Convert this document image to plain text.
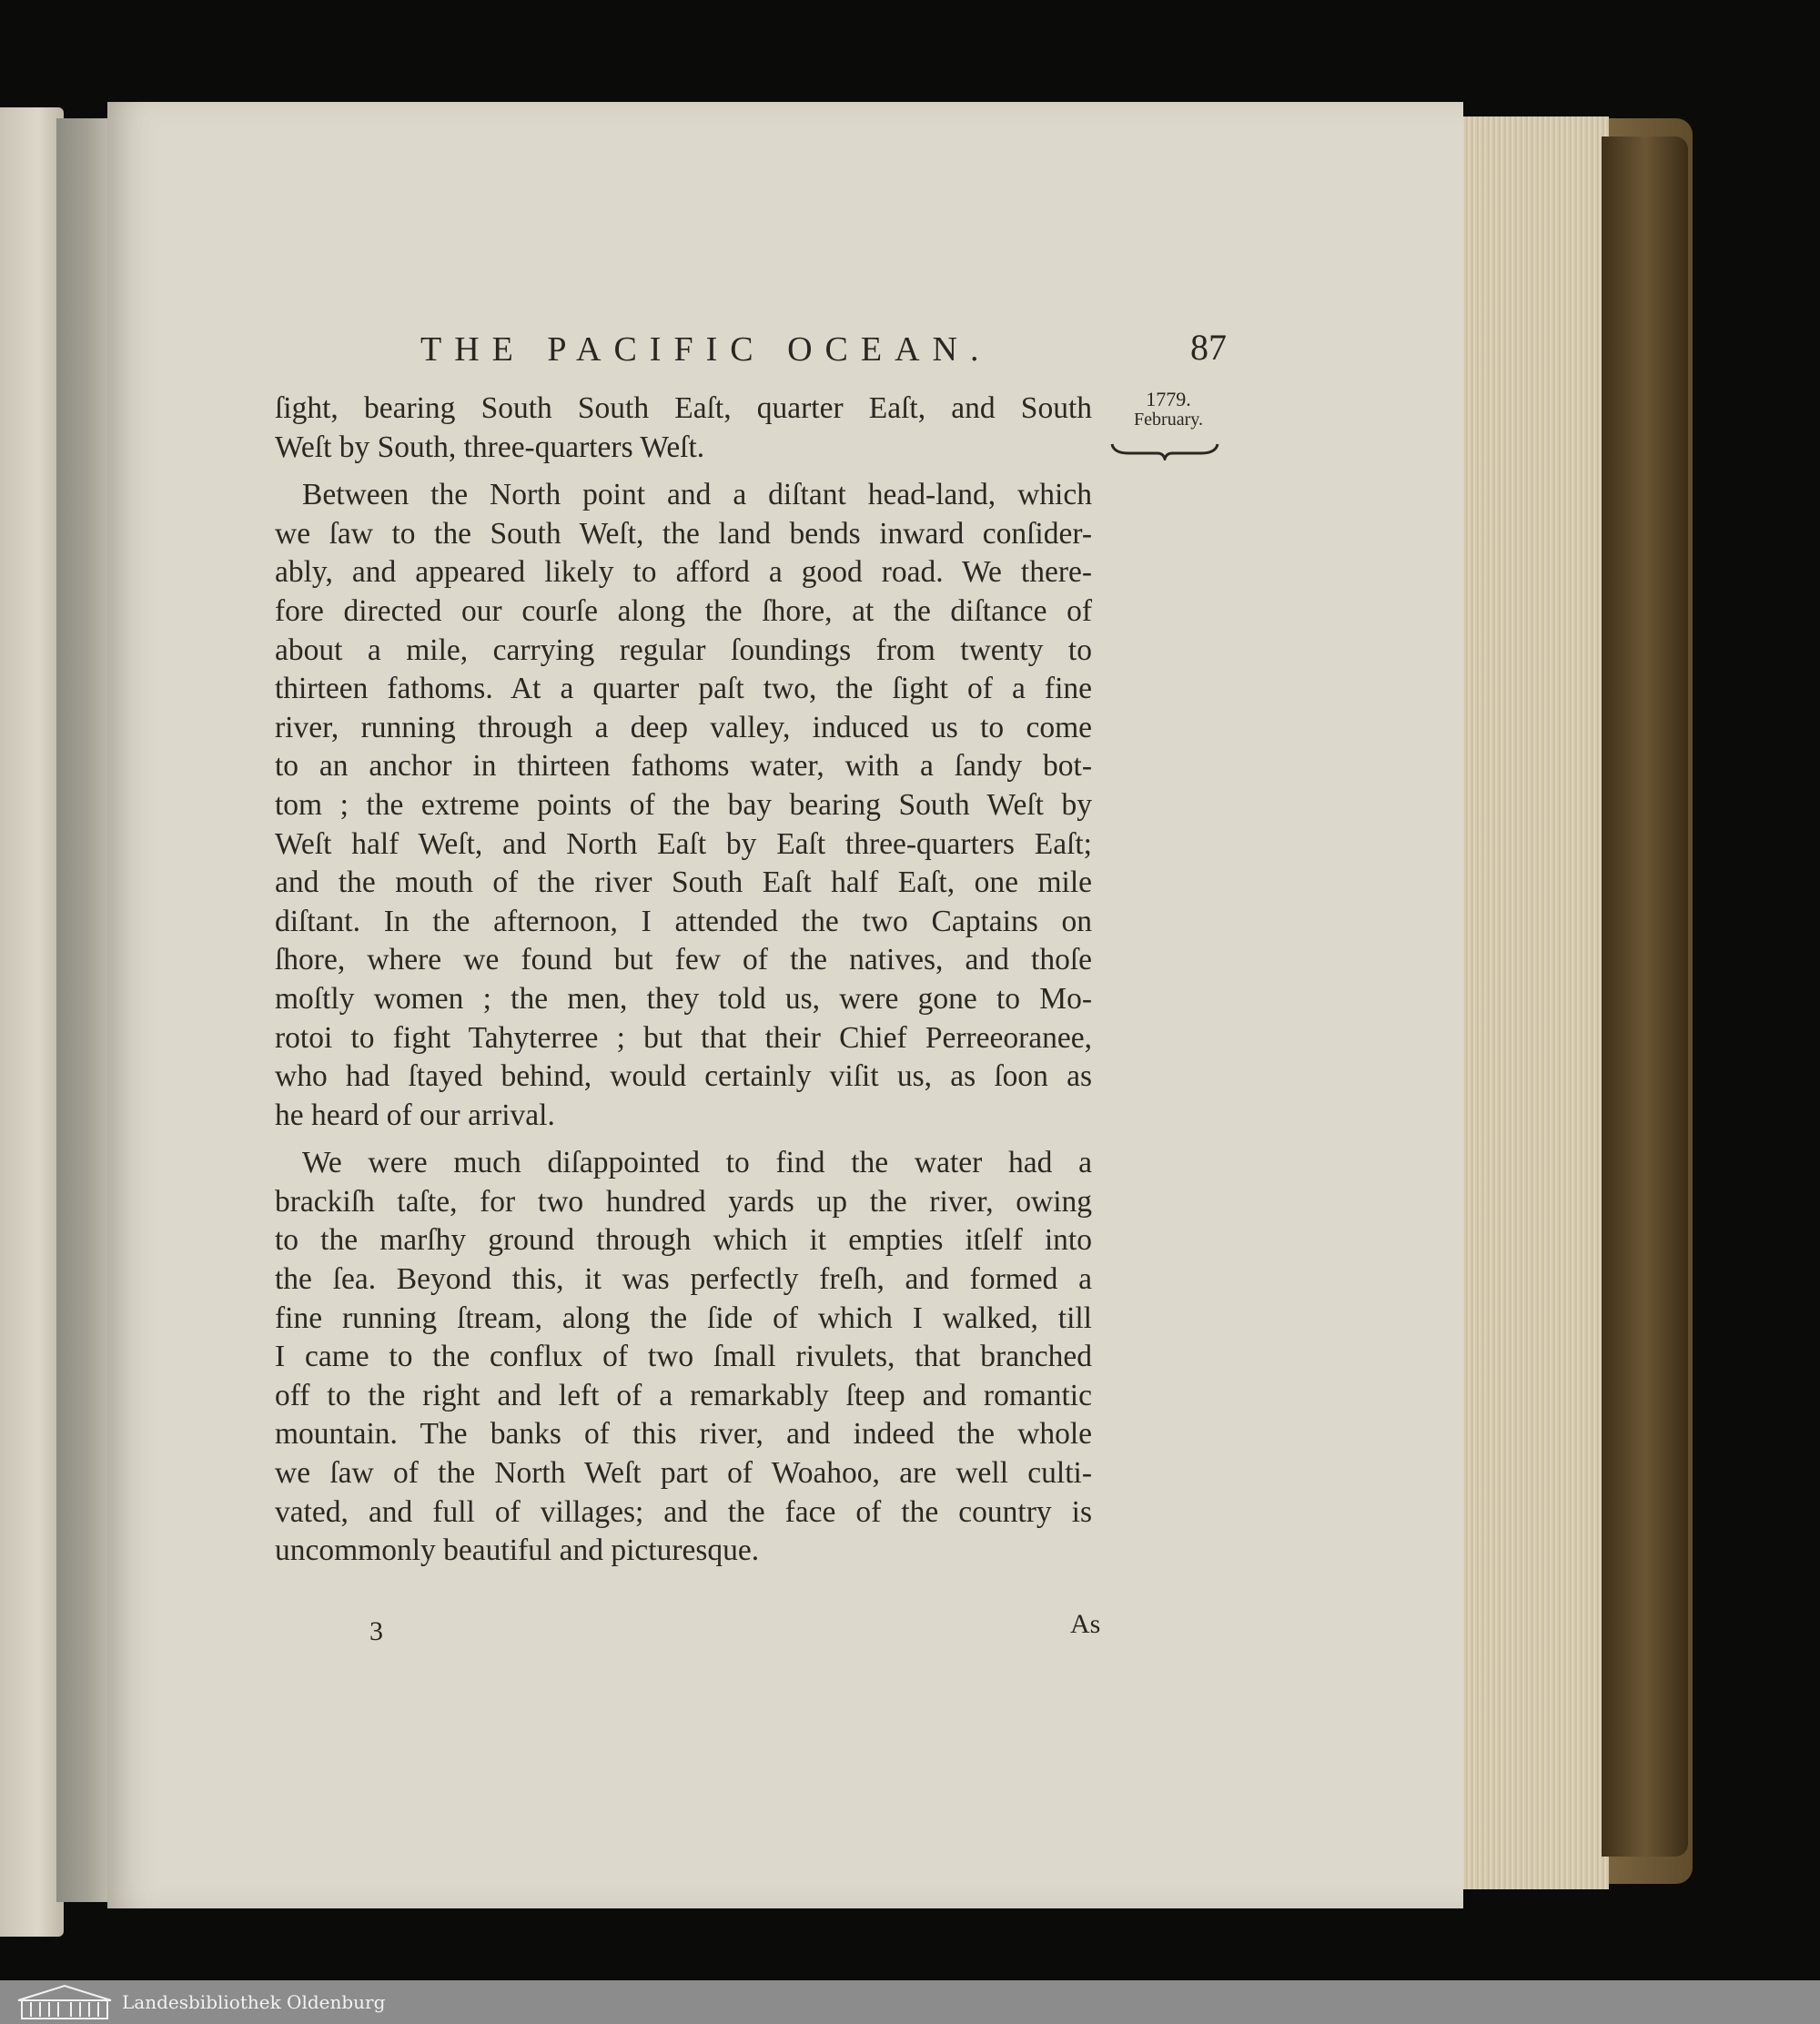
THE PACIFIC OCEAN.	87
1779.
February.
ſight, bearing South South Eaſt, quarter Eaſt, and South
Weſt by South, three-quarters Weſt.
Between the North point and a diſtant head-land, which
we ſaw to the South Weſt, the land bends inward conſider-
ably, and appeared likely to afford a good road. We there-
fore directed our courſe along the ſhore, at the diſtance of
about a mile, carrying regular ſoundings from twenty to
thirteen fathoms. At a quarter paſt two, the ſight of a fine
river, running through a deep valley, induced us to come
to an anchor in thirteen fathoms water, with a ſandy bot-
tom ; the extreme points of the bay bearing South Weſt by
Weſt half Weſt, and North Eaſt by Eaſt three-quarters Eaſt;
and the mouth of the river South Eaſt half Eaſt, one mile
diſtant. In the afternoon, I attended the two Captains on
ſhore, where we found but few of the natives, and thoſe
moſtly women ; the men, they told us, were gone to Mo-
rotoi to fight Tahyterree ; but that their Chief Perreeoranee,
who had ſtayed behind, would certainly viſit us, as ſoon as
he heard of our arrival.
We were much diſappointed to find the water had a
brackiſh taſte, for two hundred yards up the river, owing
to the marſhy ground through which it empties itſelf into
the ſea. Beyond this, it was perfectly freſh, and formed a
fine running ſtream, along the ſide of which I walked, till
I came to the conflux of two ſmall rivulets, that branched
off to the right and left of a remarkably ſteep and romantic
mountain. The banks of this river, and indeed the whole
we ſaw of the North Weſt part of Woahoo, are well culti-
vated, and full of villages; and the face of the country is
uncommonly beautiful and picturesque.
3	As
Landesbibliothek Oldenburg
